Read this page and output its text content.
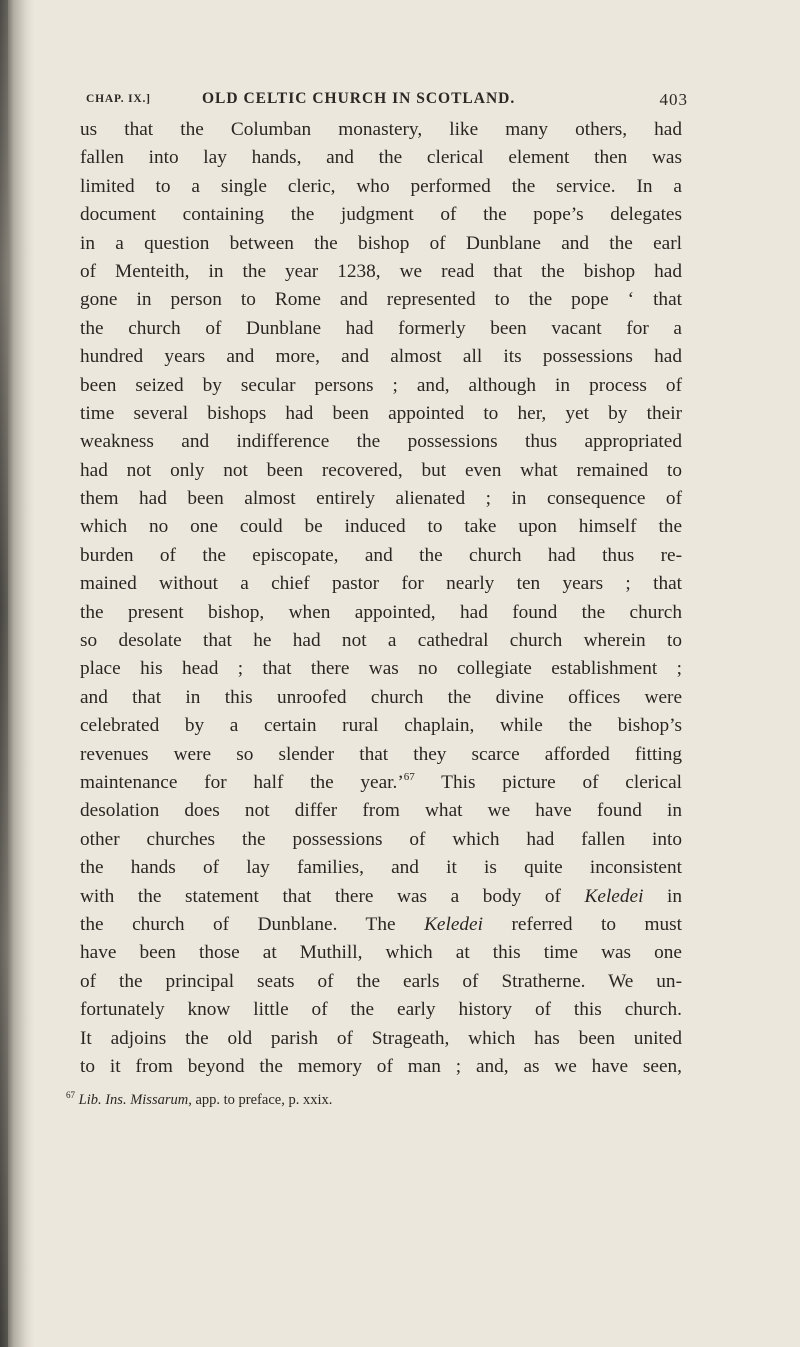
CHAP. IX.]	OLD CELTIC CHURCH IN SCOTLAND.	403
us that the Columban monastery, like many others, had
fallen into lay hands, and the clerical element then was
limited to a single cleric, who performed the service. In a
document containing the judgment of the pope’s delegates
in a question between the bishop of Dunblane and the earl
of Menteith, in the year 1238, we read that the bishop had
gone in person to Rome and represented to the pope ‘ that
the church of Dunblane had formerly been vacant for a
hundred years and more, and almost all its possessions had
been seized by secular persons ; and, although in process of
time several bishops had been appointed to her, yet by their
weakness and indifference the possessions thus appropriated
had not only not been recovered, but even what remained to
them had been almost entirely alienated ; in consequence of
which no one could be induced to take upon himself the
burden of the episcopate, and the church had thus re-
mained without a chief pastor for nearly ten years ; that
the present bishop, when appointed, had found the church
so desolate that he had not a cathedral church wherein to
place his head ; that there was no collegiate establishment ;
and that in this unroofed church the divine offices were
celebrated by a certain rural chaplain, while the bishop’s
revenues were so slender that they scarce afforded fitting
maintenance for half the year.’$^{67}$ This picture of clerical
desolation does not differ from what we have found in
other churches the possessions of which had fallen into
the hands of lay families, and it is quite inconsistent
with the statement that there was a body of Keledei in
the church of Dunblane. The Keledei referred to must
have been those at Muthill, which at this time was one
of the principal seats of the earls of Stratherne. We un-
fortunately know little of the early history of this church.
It adjoins the old parish of Strageath, which has been united
to it from beyond the memory of man ; and, as we have seen,
$^{67}$ Lib. Ins. Missarum, app. to preface, p. xxix.
